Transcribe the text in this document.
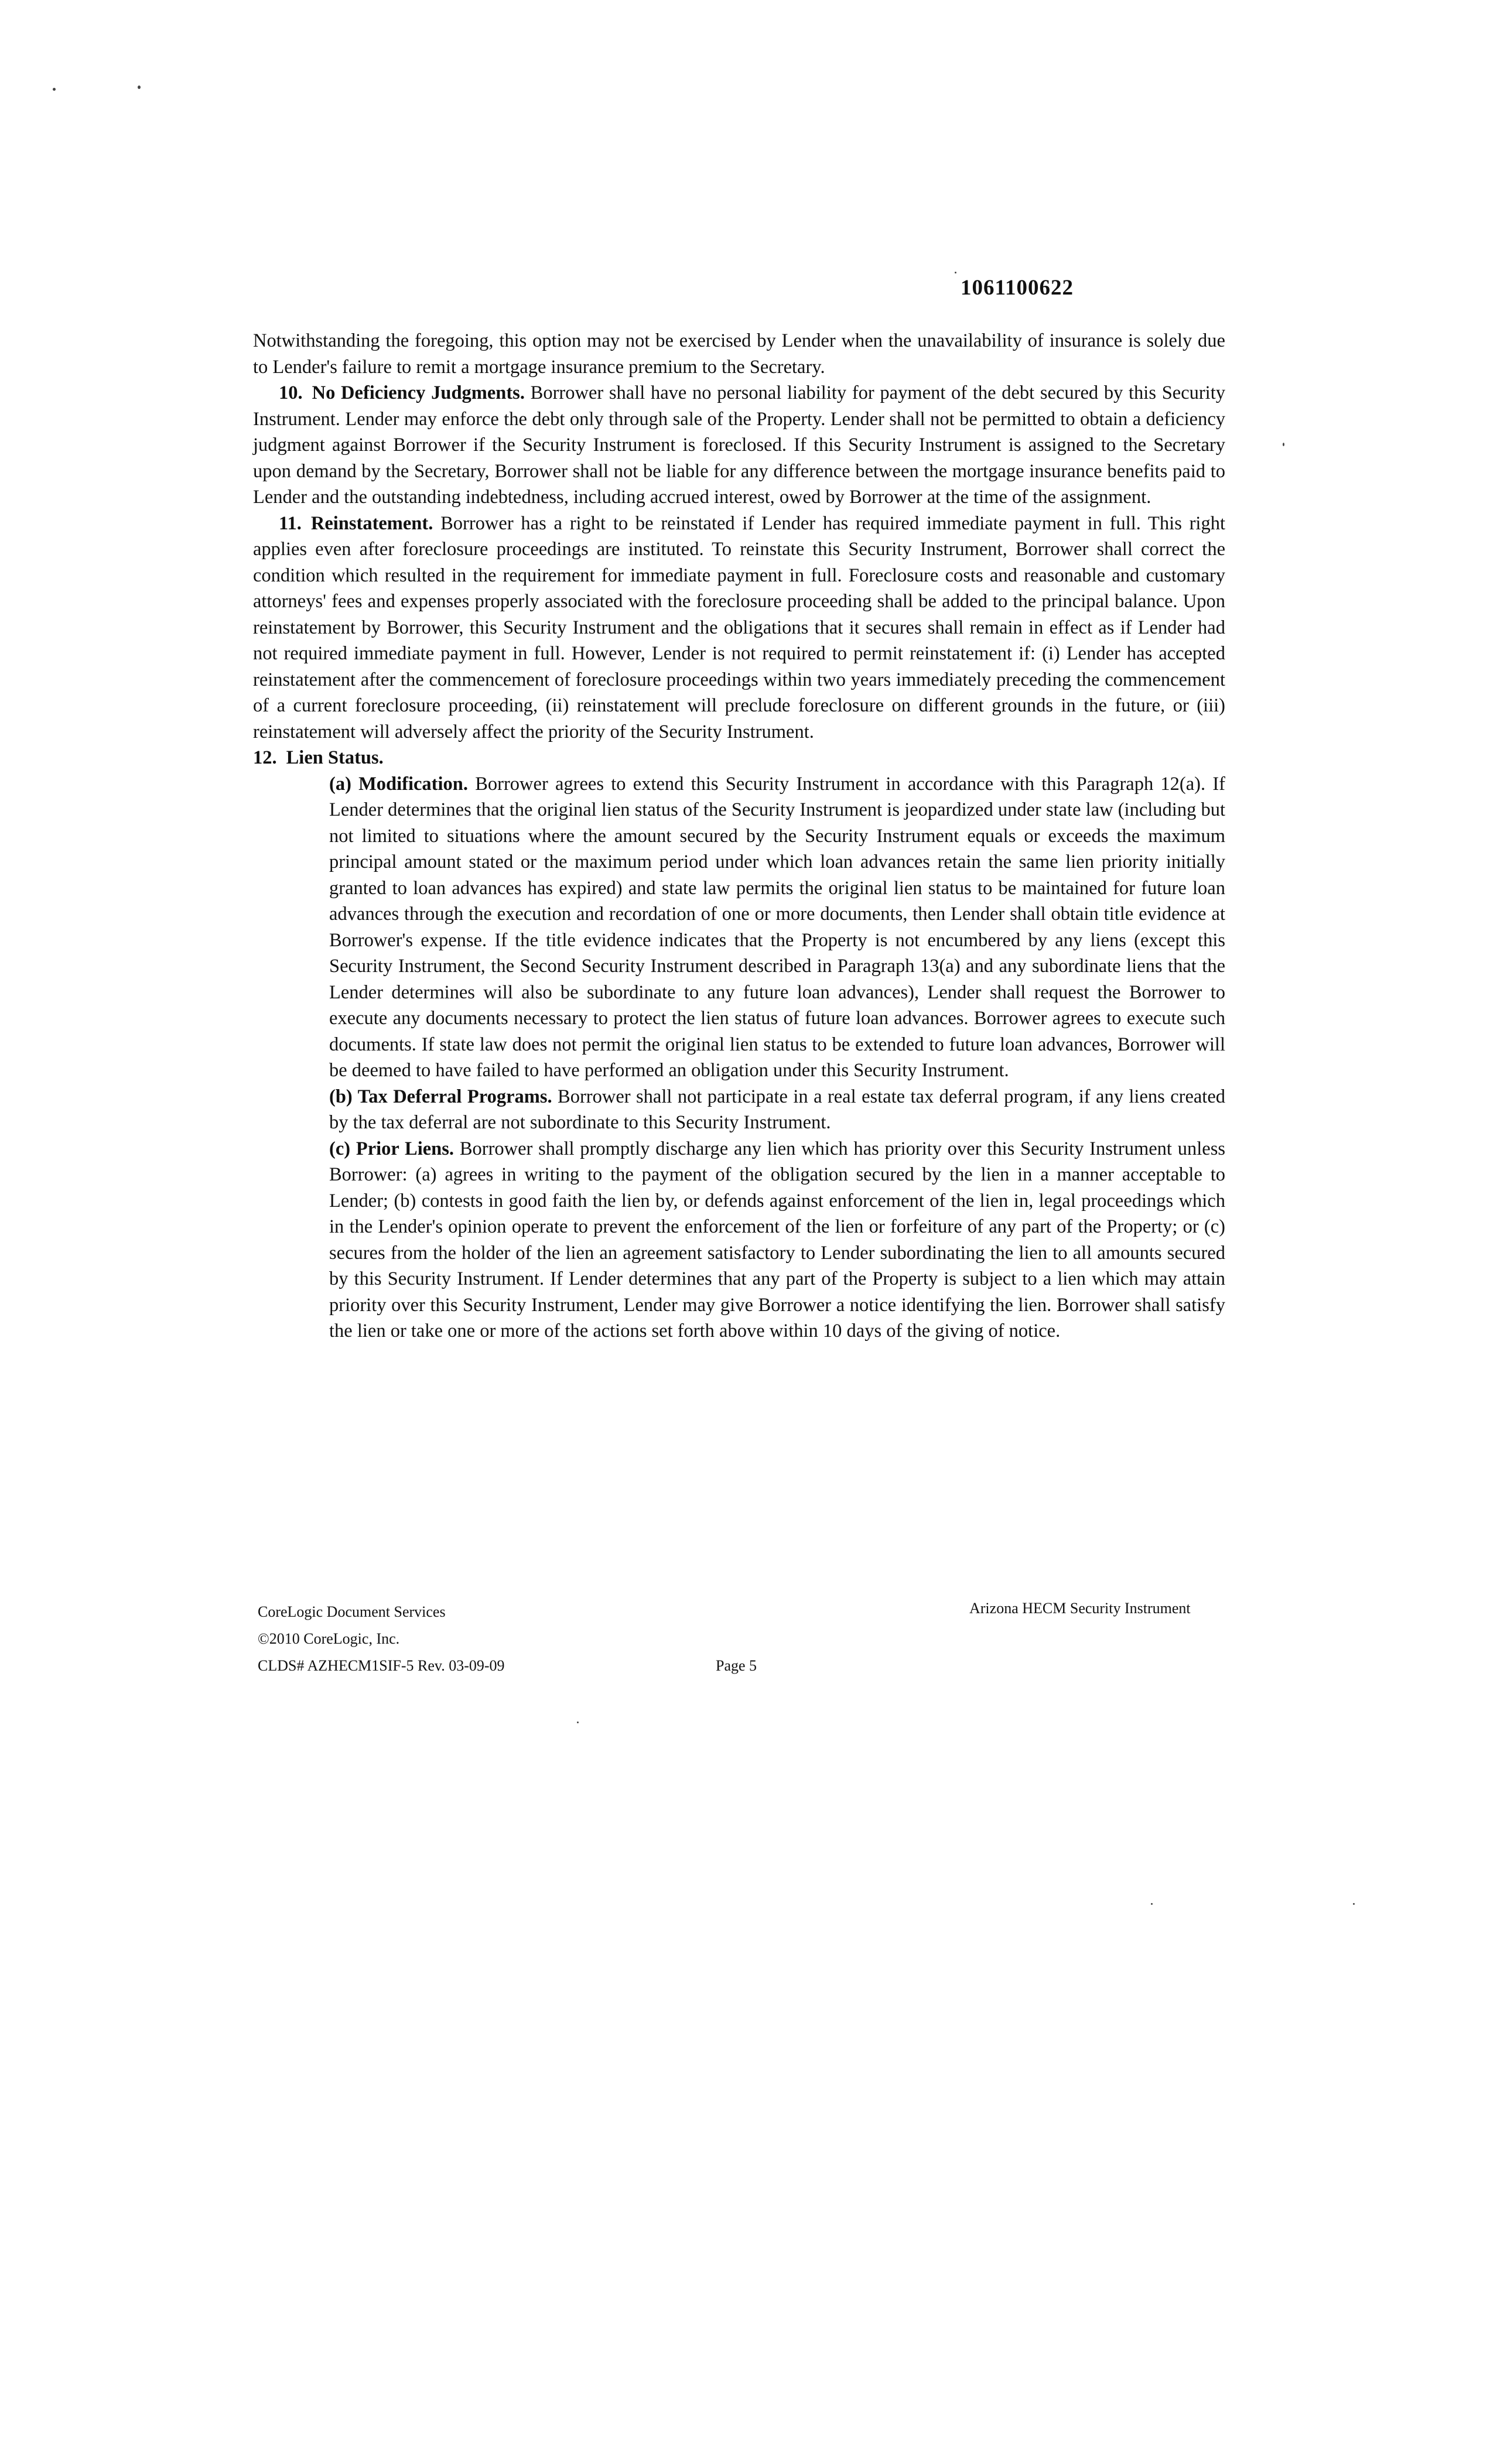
1061100622

Notwithstanding the foregoing, this option may not be exercised by Lender when the unavailability of insurance is solely due to Lender's failure to remit a mortgage insurance premium to the Secretary.

10. No Deficiency Judgments. Borrower shall have no personal liability for payment of the debt secured by this Security Instrument. Lender may enforce the debt only through sale of the Property. Lender shall not be permitted to obtain a deficiency judgment against Borrower if the Security Instrument is foreclosed. If this Security Instrument is assigned to the Secretary upon demand by the Secretary, Borrower shall not be liable for any difference between the mortgage insurance benefits paid to Lender and the outstanding indebtedness, including accrued interest, owed by Borrower at the time of the assignment.

11. Reinstatement. Borrower has a right to be reinstated if Lender has required immediate payment in full. This right applies even after foreclosure proceedings are instituted. To reinstate this Security Instrument, Borrower shall correct the condition which resulted in the requirement for immediate payment in full. Foreclosure costs and reasonable and customary attorneys' fees and expenses properly associated with the foreclosure proceeding shall be added to the principal balance. Upon reinstatement by Borrower, this Security Instrument and the obligations that it secures shall remain in effect as if Lender had not required immediate payment in full. However, Lender is not required to permit reinstatement if: (i) Lender has accepted reinstatement after the commencement of foreclosure proceedings within two years immediately preceding the commencement of a current foreclosure proceeding, (ii) reinstatement will preclude foreclosure on different grounds in the future, or (iii) reinstatement will adversely affect the priority of the Security Instrument.

12. Lien Status.

(a) Modification. Borrower agrees to extend this Security Instrument in accordance with this Paragraph 12(a). If Lender determines that the original lien status of the Security Instrument is jeopardized under state law (including but not limited to situations where the amount secured by the Security Instrument equals or exceeds the maximum principal amount stated or the maximum period under which loan advances retain the same lien priority initially granted to loan advances has expired) and state law permits the original lien status to be maintained for future loan advances through the execution and recordation of one or more documents, then Lender shall obtain title evidence at Borrower's expense. If the title evidence indicates that the Property is not encumbered by any liens (except this Security Instrument, the Second Security Instrument described in Paragraph 13(a) and any subordinate liens that the Lender determines will also be subordinate to any future loan advances), Lender shall request the Borrower to execute any documents necessary to protect the lien status of future loan advances. Borrower agrees to execute such documents. If state law does not permit the original lien status to be extended to future loan advances, Borrower will be deemed to have failed to have performed an obligation under this Security Instrument.

(b) Tax Deferral Programs. Borrower shall not participate in a real estate tax deferral program, if any liens created by the tax deferral are not subordinate to this Security Instrument.

(c) Prior Liens. Borrower shall promptly discharge any lien which has priority over this Security Instrument unless Borrower: (a) agrees in writing to the payment of the obligation secured by the lien in a manner acceptable to Lender; (b) contests in good faith the lien by, or defends against enforcement of the lien in, legal proceedings which in the Lender's opinion operate to prevent the enforcement of the lien or forfeiture of any part of the Property; or (c) secures from the holder of the lien an agreement satisfactory to Lender subordinating the lien to all amounts secured by this Security Instrument. If Lender determines that any part of the Property is subject to a lien which may attain priority over this Security Instrument, Lender may give Borrower a notice identifying the lien. Borrower shall satisfy the lien or take one or more of the actions set forth above within 10 days of the giving of notice.

CoreLogic Document Services
©2010 CoreLogic, Inc.
CLDS# AZHECM1SIF-5 Rev. 03-09-09	Page 5
Arizona HECM Security Instrument
